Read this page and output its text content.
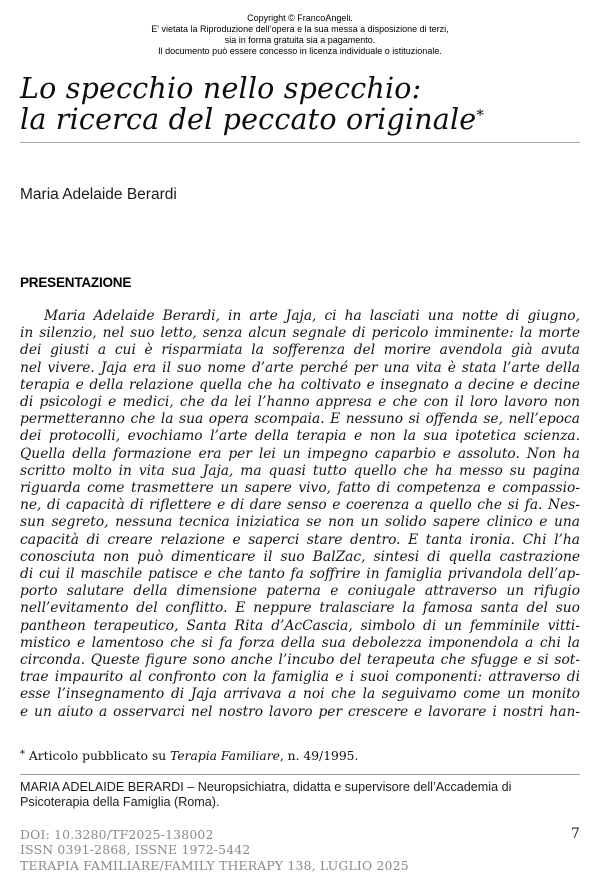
Copyright © FrancoAngeli.
E' vietata la Riproduzione dell’opera e la sua messa a disposizione di terzi,
sia in forma gratuita sia a pagamento.
Il documento può essere concesso in licenza individuale o istituzionale.
Lo specchio nello specchio:
la ricerca del peccato originale*
Maria Adelaide Berardi
PRESENTAZIONE
Maria Adelaide Berardi, in arte Jaja, ci ha lasciati una notte di giugno,
in silenzio, nel suo letto, senza alcun segnale di pericolo imminente: la morte
dei giusti a cui è risparmiata la sofferenza del morire avendola già avuta
nel vivere. Jaja era il suo nome d’arte perché per una vita è stata l’arte della
terapia e della relazione quella che ha coltivato e insegnato a decine e decine
di psicologi e medici, che da lei l’hanno appresa e che con il loro lavoro non
permetteranno che la sua opera scompaia. E nessuno si offenda se, nell’epoca
dei protocolli, evochiamo l’arte della terapia e non la sua ipotetica scienza.
Quella della formazione era per lei un impegno caparbio e assoluto. Non ha
scritto molto in vita sua Jaja, ma quasi tutto quello che ha messo su pagina
riguarda come trasmettere un sapere vivo, fatto di competenza e compassio-
ne, di capacità di riflettere e di dare senso e coerenza a quello che si fa. Nes-
sun segreto, nessuna tecnica iniziatica se non un solido sapere clinico e una
capacità di creare relazione e saperci stare dentro. E tanta ironia. Chi l’ha
conosciuta non può dimenticare il suo BalZac, sintesi di quella castrazione
di cui il maschile patisce e che tanto fa soffrire in famiglia privandola dell’ap-
porto salutare della dimensione paterna e coniugale attraverso un rifugio
nell’evitamento del conflitto. E neppure tralasciare la famosa santa del suo
pantheon terapeutico, Santa Rita d’AcCascia, simbolo di un femminile vitti-
mistico e lamentoso che si fa forza della sua debolezza imponendola a chi la
circonda. Queste figure sono anche l’incubo del terapeuta che sfugge e si sot-
trae impaurito al confronto con la famiglia e i suoi componenti: attraverso di
esse l’insegnamento di Jaja arrivava a noi che la seguivamo come un monito
e un aiuto a osservarci nel nostro lavoro per crescere e lavorare i nostri han-
* Articolo pubblicato su Terapia Familiare, n. 49/1995.
MARIA ADELAIDE BERARDI – Neuropsichiatra, didatta e supervisore dell’Accademia di Psicoterapia della Famiglia (Roma).
DOI: 10.3280/TF2025-138002
ISSN 0391-2868, ISSNE 1972-5442
TERAPIA FAMILIARE/FAMILY THERAPY 138, LUGLIO 2025
7
